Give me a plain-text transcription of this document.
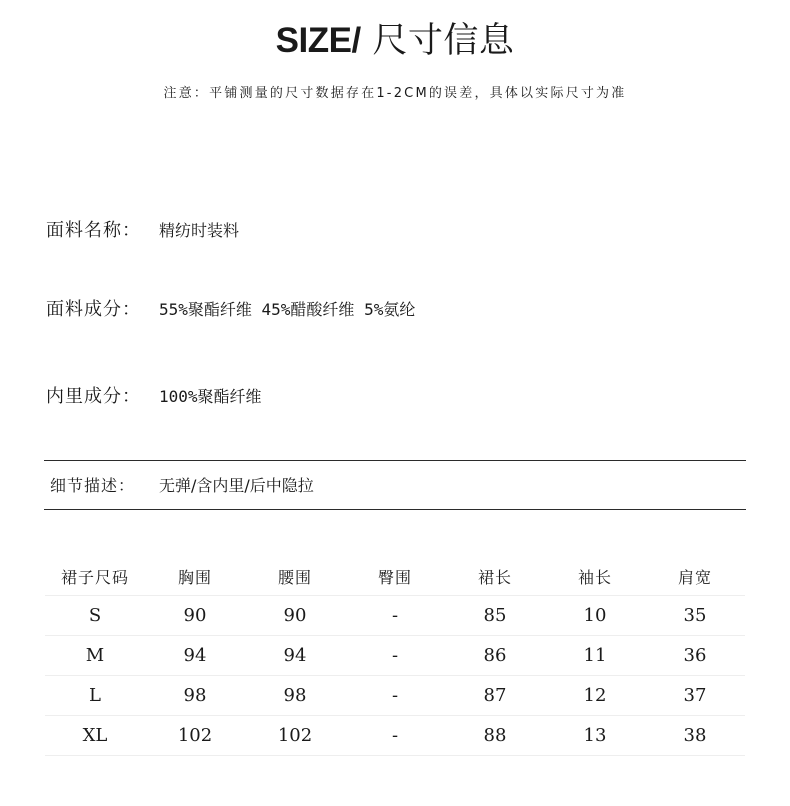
SIZE/ 尺寸信息
注意：平铺测量的尺寸数据存在1-2CM的误差，具体以实际尺寸为准
面料名称：	精纺时装料
面料成分：	55%聚酯纤维 45%醋酸纤维 5%氨纶
内里成分：	100%聚酯纤维
细节描述：	无弹/含内里/后中隐拉
裙子尺码	胸围	腰围	臀围	裙长	袖长	肩宽
S	90	90	-	85	10	35
M	94	94	-	86	11	36
L	98	98	-	87	12	37
XL	102	102	-	88	13	38
